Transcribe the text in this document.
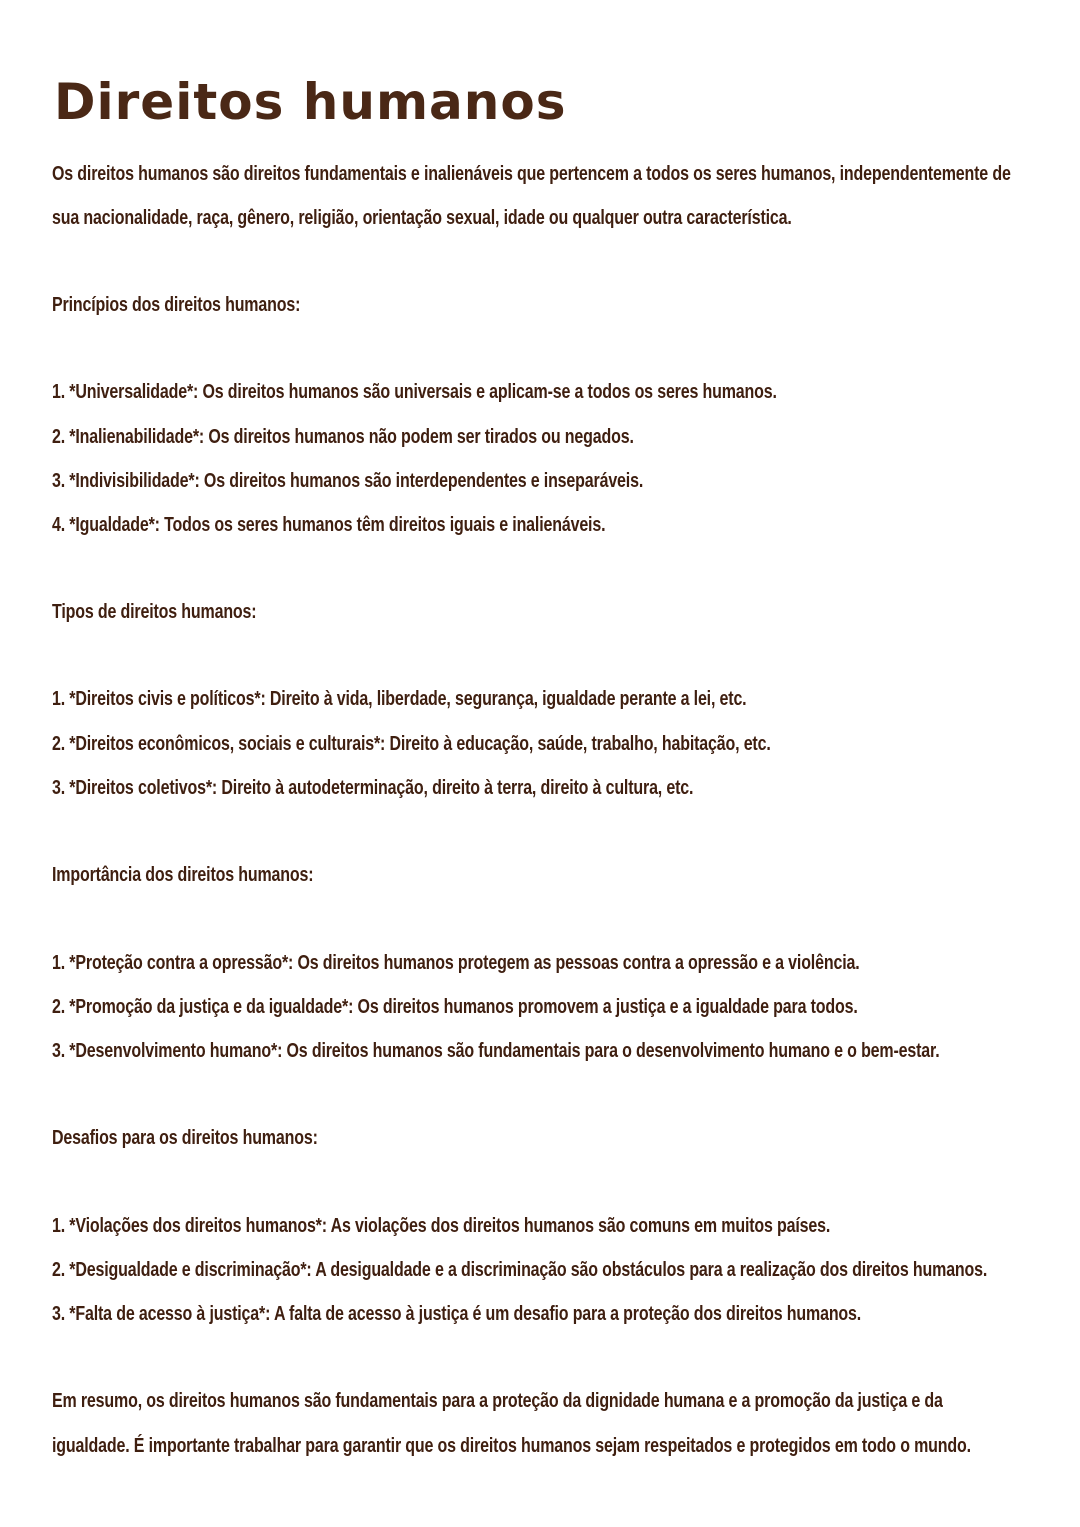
Direitos humanos

Os direitos humanos são direitos fundamentais e inalienáveis que pertencem a todos os seres humanos, independentemente de

sua nacionalidade, raça, gênero, religião, orientação sexual, idade ou qualquer outra característica.

Princípios dos direitos humanos:

1. *Universalidade*: Os direitos humanos são universais e aplicam-se a todos os seres humanos.

2. *Inalienabilidade*: Os direitos humanos não podem ser tirados ou negados.

3. *Indivisibilidade*: Os direitos humanos são interdependentes e inseparáveis.

4. *Igualdade*: Todos os seres humanos têm direitos iguais e inalienáveis.

Tipos de direitos humanos:

1. *Direitos civis e políticos*: Direito à vida, liberdade, segurança, igualdade perante a lei, etc.

2. *Direitos econômicos, sociais e culturais*: Direito à educação, saúde, trabalho, habitação, etc.

3. *Direitos coletivos*: Direito à autodeterminação, direito à terra, direito à cultura, etc.

Importância dos direitos humanos:

1. *Proteção contra a opressão*: Os direitos humanos protegem as pessoas contra a opressão e a violência.

2. *Promoção da justiça e da igualdade*: Os direitos humanos promovem a justiça e a igualdade para todos.

3. *Desenvolvimento humano*: Os direitos humanos são fundamentais para o desenvolvimento humano e o bem-estar.

Desafios para os direitos humanos:

1. *Violações dos direitos humanos*: As violações dos direitos humanos são comuns em muitos países.

2. *Desigualdade e discriminação*: A desigualdade e a discriminação são obstáculos para a realização dos direitos humanos.

3. *Falta de acesso à justiça*: A falta de acesso à justiça é um desafio para a proteção dos direitos humanos.

Em resumo, os direitos humanos são fundamentais para a proteção da dignidade humana e a promoção da justiça e da

igualdade. É importante trabalhar para garantir que os direitos humanos sejam respeitados e protegidos em todo o mundo.
